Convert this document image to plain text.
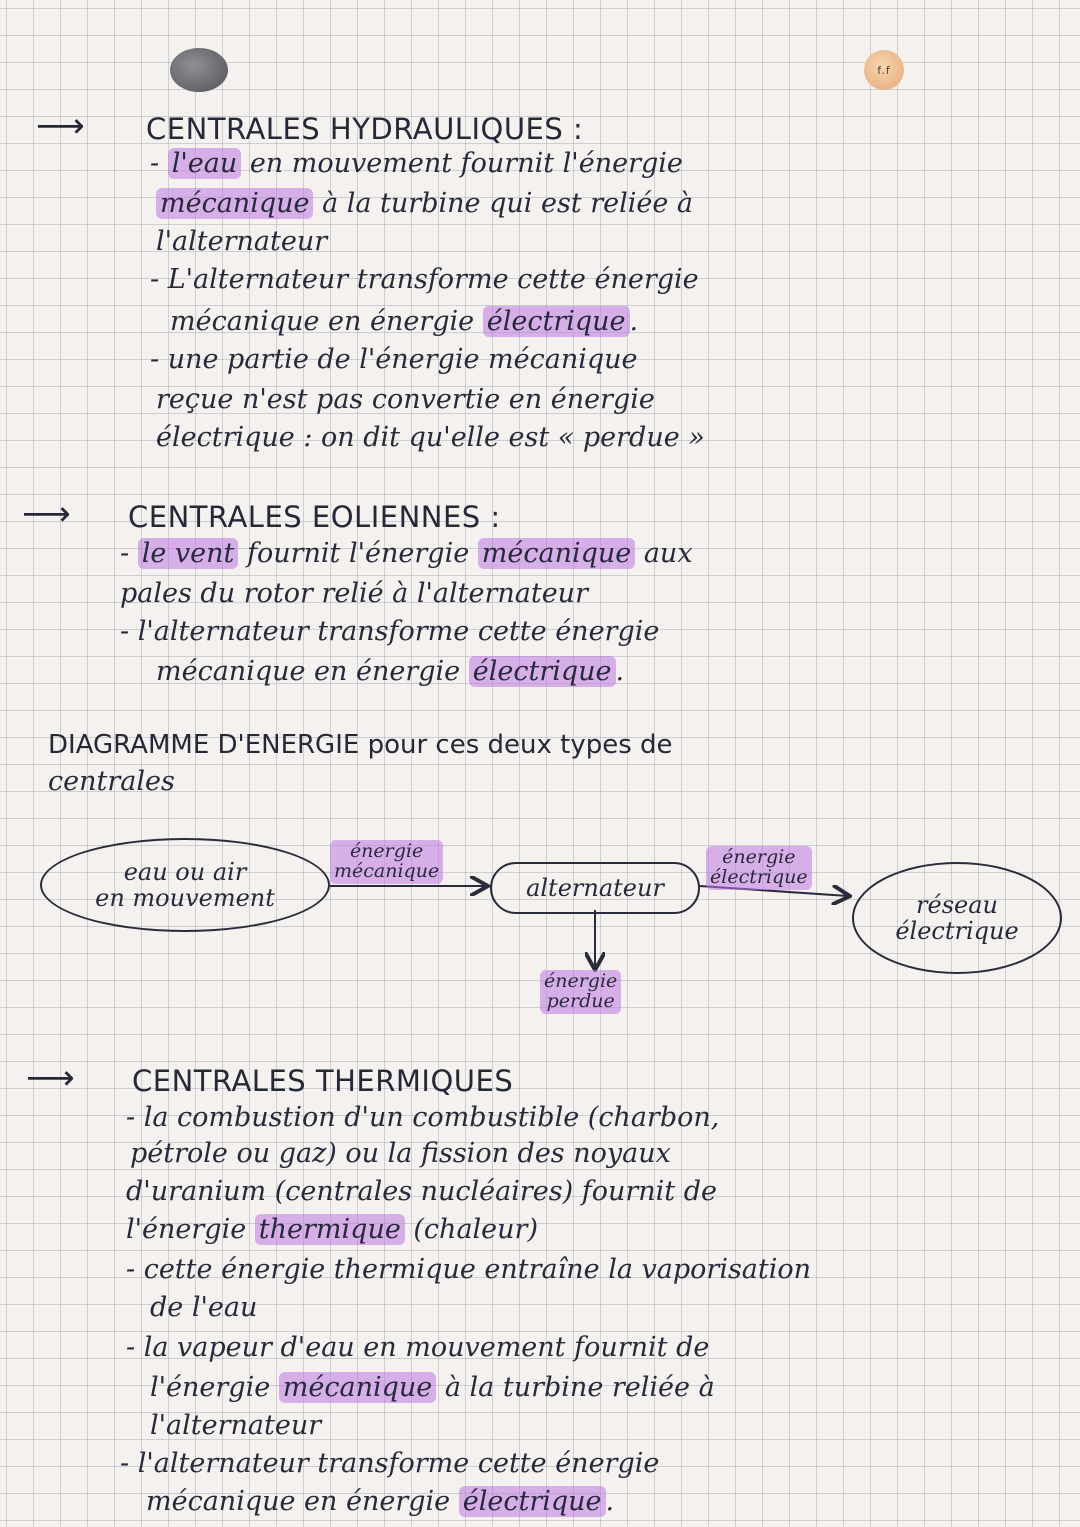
f.f
⟶ CENTRALES HYDRAULIQUES :
- l'eau en mouvement fournit l'énergie
mécanique à la turbine qui est reliée à
l'alternateur
- L'alternateur transforme cette énergie
mécanique en énergie électrique .
- une partie de l'énergie mécanique
reçue n'est pas convertie en énergie
électrique : on dit qu'elle est « perdue »
⟶ CENTRALES EOLIENNES :
- le vent fournit l'énergie mécanique aux
pales du rotor relié à l'alternateur
- l'alternateur transforme cette énergie
mécanique en énergie électrique .
DIAGRAMME D'ENERGIE pour ces deux types de
centrales
eau ou air
en mouvement
énergie
mécanique
alternateur
énergie
électrique
réseau
électrique
énergie
perdue
⟶ CENTRALES THERMIQUES
- la combustion d'un combustible (charbon,
pétrole ou gaz) ou la fission des noyaux
d'uranium (centrales nucléaires) fournit de
l'énergie thermique (chaleur)
- cette énergie thermique entraîne la vaporisation
de l'eau
- la vapeur d'eau en mouvement fournit de
l'énergie mécanique à la turbine reliée à
l'alternateur
- l'alternateur transforme cette énergie
mécanique en énergie électrique .
